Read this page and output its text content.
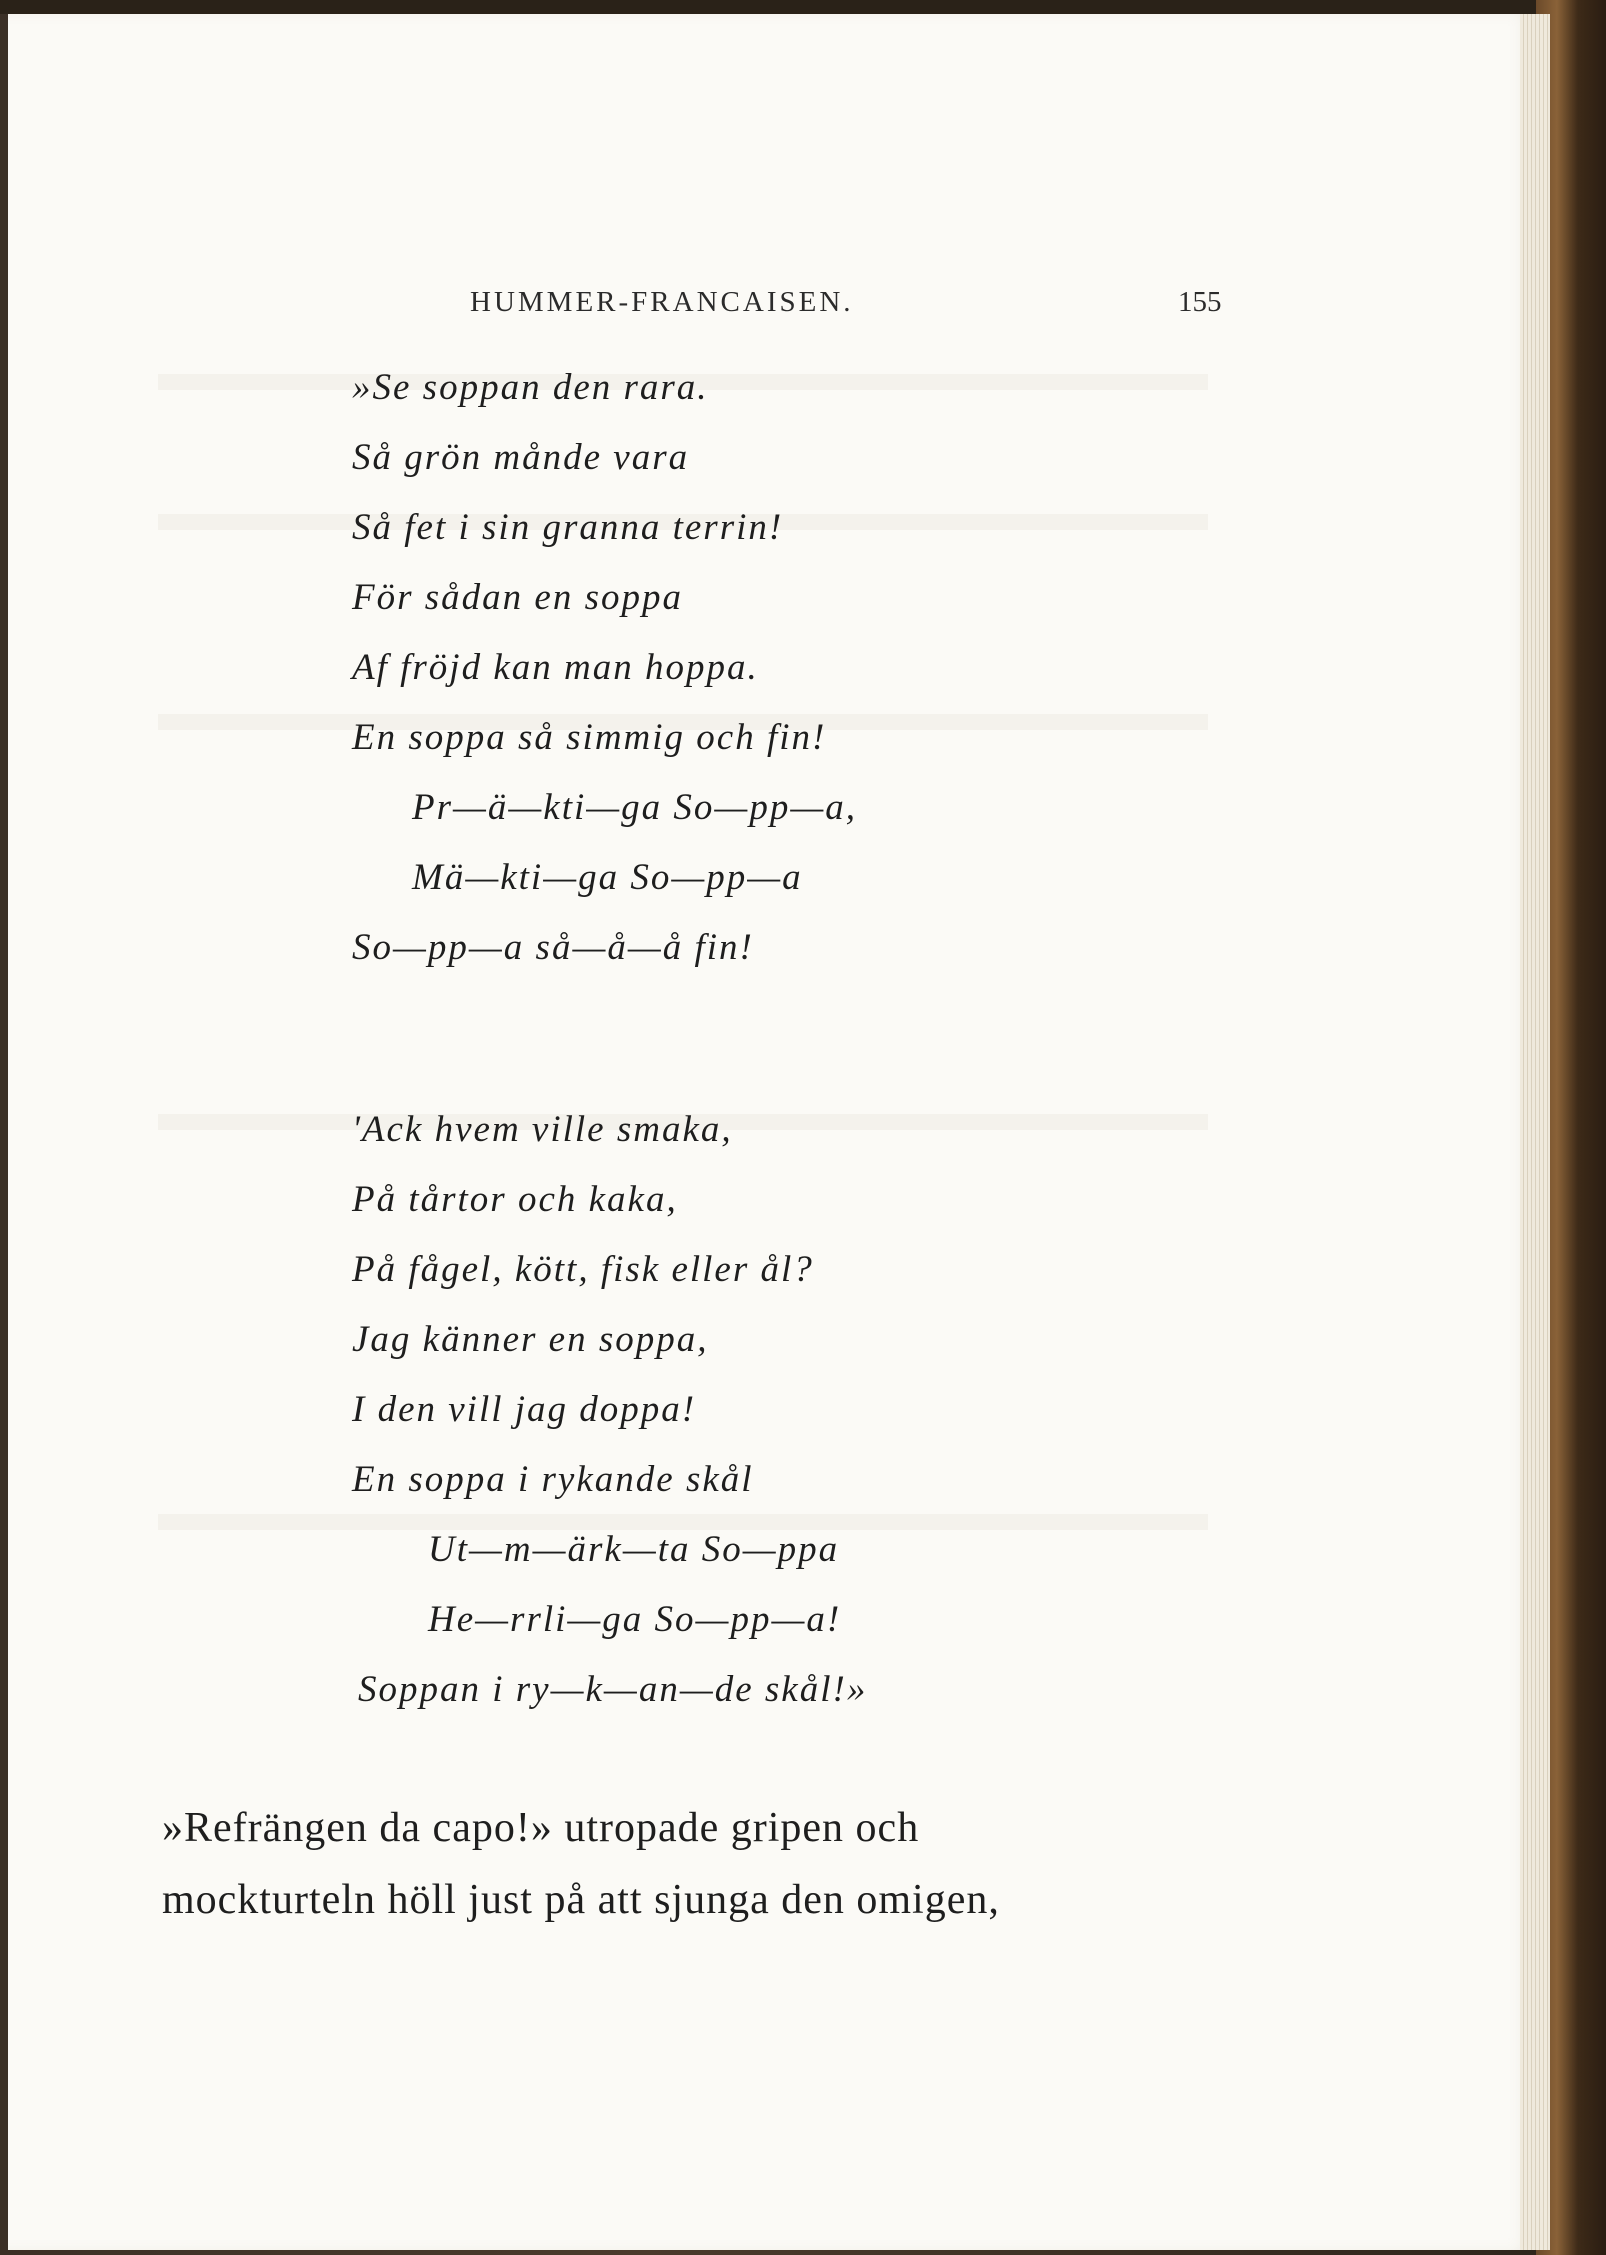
HUMMER-FRANCAISEN.	155
»Se soppan den rara.
Så grön månde vara
Så fet i sin granna terrin!
För sådan en soppa
Af fröjd kan man hoppa.
En soppa så simmig och fin!
Pr—ä—kti—ga So—pp—a,
Mä—kti—ga So—pp—a
So—pp—a så—å—å fin!
'Ack hvem ville smaka,
På tårtor och kaka,
På fågel, kött, fisk eller ål?
Jag känner en soppa,
I den vill jag doppa!
En soppa i rykande skål
Ut—m—ärk—ta So—ppa
He—rrli—ga So—pp—a!
Soppan i ry—k—an—de skål!»
»Refrängen da capo!» utropade gripen och
mockturteln höll just på att sjunga den omigen,
